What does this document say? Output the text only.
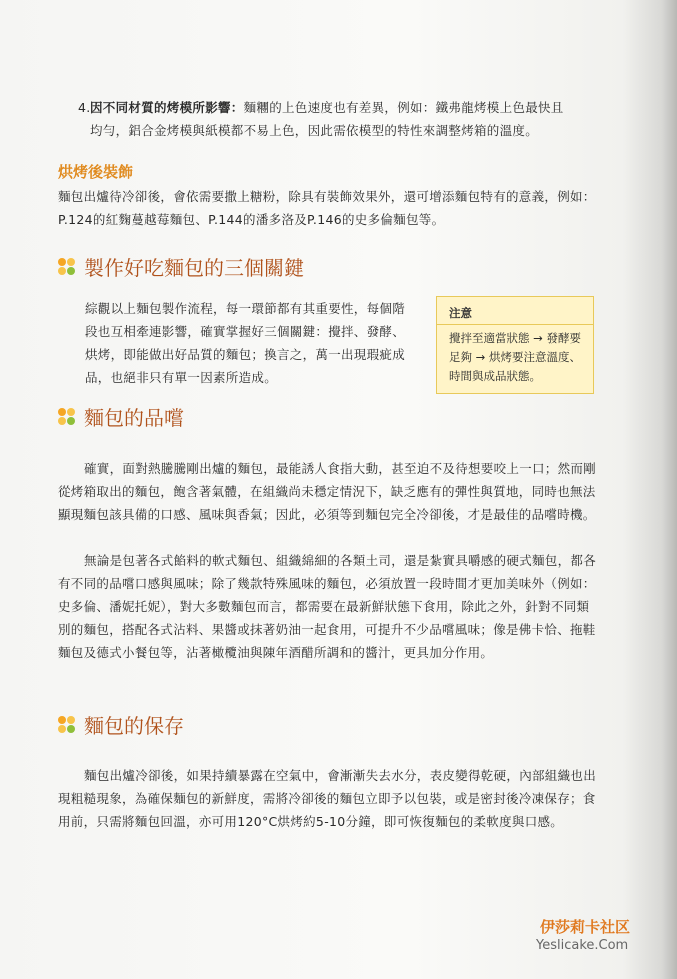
4.因不同材質的烤模所影響：麵糰的上色速度也有差異，例如：鐵弗龍烤模上色最快且
均勻，鋁合金烤模與紙模都不易上色，因此需依模型的特性來調整烤箱的溫度。
烘烤後裝飾

麵包出爐待冷卻後，會依需要撒上糖粉，除具有裝飾效果外，還可增添麵包特有的意義，例如：P.124的紅麴蔓越莓麵包、P.144的潘多洛及P.146的史多倫麵包等。

製作好吃麵包的三個關鍵

綜觀以上麵包製作流程，每一環節都有其重要性，每個階段也互相牽連影響，確實掌握好三個關鍵：攪拌、發酵、烘烤，即能做出好品質的麵包；換言之，萬一出現瑕疵成品，也絕非只有單一因素所造成。

注意
攪拌至適當狀態 → 發酵要足夠 → 烘烤要注意溫度、時間與成品狀態。
麵包的品嚐

確實，面對熱騰騰剛出爐的麵包，最能誘人食指大動，甚至迫不及待想要咬上一口；然而剛從烤箱取出的麵包，飽含著氣體，在組織尚未穩定情況下，缺乏應有的彈性與質地，同時也無法顯現麵包該具備的口感、風味與香氣；因此，必須等到麵包完全冷卻後，才是最佳的品嚐時機。

無論是包著各式餡料的軟式麵包、組織綿細的各類土司，還是紮實具嚼感的硬式麵包，都各有不同的品嚐口感與風味；除了幾款特殊風味的麵包，必須放置一段時間才更加美味外（例如：史多倫、潘妮托妮），對大多數麵包而言，都需要在最新鮮狀態下食用，除此之外，針對不同類別的麵包，搭配各式沾料、果醬或抹著奶油一起食用，可提升不少品嚐風味；像是佛卡恰、拖鞋麵包及德式小餐包等，沾著橄欖油與陳年酒醋所調和的醬汁，更具加分作用。

麵包的保存

麵包出爐冷卻後，如果持續暴露在空氣中，會漸漸失去水分，表皮變得乾硬，內部組織也出現粗糙現象，為確保麵包的新鮮度，需將冷卻後的麵包立即予以包裝，或是密封後冷凍保存；食用前，只需將麵包回溫，亦可用120°C烘烤約5-10分鐘，即可恢復麵包的柔軟度與口感。

伊莎莉卡社区
Yeslicake.Com
